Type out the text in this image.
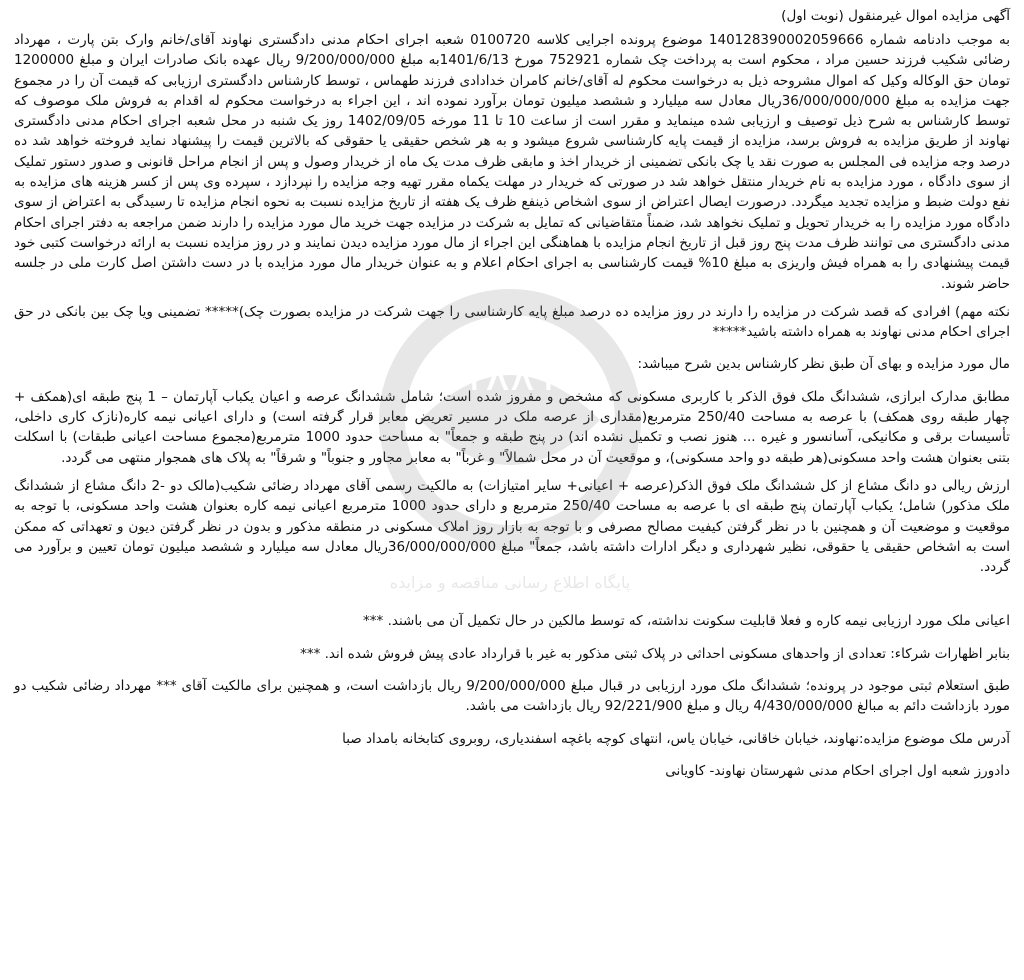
۱۸۸۱
پایگاه اطلاع رسانی مناقصه و مزایده
آگهی مزایده اموال غیرمنقول (نوبت اول)

به موجب دادنامه شماره 140128390002059666 موضوع پرونده اجرایی کلاسه 0100720 شعبه اجرای احکام مدنی دادگستری نهاوند آقای/خانم وارک بتن پارت ، مهرداد رضائی شکیب فرزند حسین مراد ، محکوم است به پرداخت چک شماره 752921 مورخ 1401/6/13به مبلغ 9/200/000/000 ریال عهده بانک صادرات ایران و مبلغ 1200000 تومان حق الوکاله وکیل که اموال مشروحه ذیل به درخواست محکوم له آقای/خانم کامران خدادادی فرزند طهماس ، توسط کارشناس دادگستری ارزیابی که قیمت آن را در مجموع جهت مزایده به مبلغ 36/000/000/000ریال معادل سه میلیارد و ششصد میلیون تومان برآورد نموده اند ، این اجراء به درخواست محکوم له اقدام به فروش ملک موصوف که توسط کارشناس به شرح ذیل توصیف و ارزیابی شده مینماید و مقرر است از ساعت 10 تا 11 مورخه 1402/09/05 روز یک شنبه در محل شعبه اجرای احکام مدنی دادگستری نهاوند از طریق مزایده به فروش برسد، مزایده از قیمت پایه کارشناسی شروع میشود و به هر شخص حقیقی یا حقوقی که بالاترین قیمت را پیشنهاد نماید فروخته خواهد شد ده درصد وجه مزایده فی المجلس به صورت نقد یا چک بانکی تضمینی از خریدار اخذ و مابقی ظرف مدت یک ماه از خریدار وصول و پس از انجام مراحل قانونی و صدور دستور تملیک از سوی دادگاه ، مورد مزایده به نام خریدار منتقل خواهد شد در صورتی که خریدار در مهلت یکماه مقرر تهیه وجه مزایده را نپردازد ، سپرده وی پس از کسر هزینه های مزایده به نفع دولت ضبط و مزایده تجدید میگردد. درصورت ایصال اعتراض از سوی اشخاص ذینفع ظرف یک هفته از تاریخ مزایده نسبت به نحوه انجام مزایده تا رسیدگی به اعتراض از سوی دادگاه مورد مزایده را به خریدار تحویل و تملیک نخواهد شد، ضمناً متقاضیانی که تمایل به شرکت در مزایده جهت خرید مال مورد مزایده را دارند ضمن مراجعه به دفتر اجرای احکام مدنی دادگستری می توانند ظرف مدت پنج روز قبل از تاریخ انجام مزایده با هماهنگی این اجراء از مال مورد مزایده دیدن نمایند و در روز مزایده نسبت به ارائه درخواست کتبی خود قیمت پیشنهادی را به همراه فیش واریزی به مبلغ 10% قیمت کارشناسی به اجرای احکام اعلام و به عنوان خریدار مال مورد مزایده با در دست داشتن اصل کارت ملی در جلسه حاضر شوند.

نکته مهم) افرادی که قصد شرکت در مزایده را دارند در روز مزایده ده درصد مبلغ پایه کارشناسی را جهت شرکت در مزایده بصورت چک)***** تضمینی ویا چک بین بانکی در حق اجرای احکام مدنی نهاوند به همراه داشته باشید*****

مال مورد مزایده و بهای آن طبق نظر کارشناس بدین شرح میباشد:

مطابق مدارک ابرازی، ششدانگ ملک فوق الذکر با کاربری مسکونی که مشخص و مفروز شده است؛ شامل ششدانگ عرصه و اعیان یکباب آپارتمان – 1 پنج طبقه ای(همکف + چهار طبقه روی همکف) با عرصه به مساحت 250/40 مترمربع(مقداری از عرصه ملک در مسیر تعریض معابر قرار گرفته است) و دارای اعیانی نیمه کاره(نازک کاری داخلی، تأسیسات برقی و مکانیکی، آسانسور و غیره ... هنوز نصب و تکمیل نشده اند) در پنج طبقه و جمعاً" به مساحت حدود 1000 مترمربع(مجموع مساحت اعیانی طبقات) با اسکلت بتنی بعنوان هشت واحد مسکونی(هر طبقه دو واحد مسکونی)، و موقعیت آن در محل شمالاً" و غرباً" به معابر مجاور و جنوباً" و شرقاً" به پلاک های همجوار منتهی می گردد.

ارزش ریالی دو دانگ مشاع از کل ششدانگ ملک فوق الذکر(عرصه + اعیانی+ سایر امتیازات) به مالکیت رسمی آقای مهرداد رضائی شکیب(مالک دو -2 دانگ مشاع از ششدانگ ملک مذکور) شامل؛ یکباب آپارتمان پنج طبقه ای با عرصه به مساحت 250/40 مترمربع و دارای حدود 1000 مترمربع اعیانی نیمه کاره بعنوان هشت واحد مسکونی، با توجه به موقعیت و موضعیت آن و همچنین با در نظر گرفتن کیفیت مصالح مصرفی و با توجه به بازار روز املاک مسکونی در منطقه مذکور و بدون در نظر گرفتن دیون و تعهداتی که ممکن است به اشخاص حقیقی یا حقوقی، نظیر شهرداری و دیگر ادارات داشته باشد، جمعاً" مبلغ 36/000/000/000ریال معادل سه میلیارد و ششصد میلیون تومان تعیین و برآورد می گردد.

اعیانی ملک مورد ارزیابی نیمه کاره و فعلا قابلیت سکونت نداشته، که توسط مالکین در حال تکمیل آن می باشند. ***

بنابر اظهارات شرکاء: تعدادی از واحدهای مسکونی احداثی در پلاک ثبتی مذکور به غیر با قرارداد عادی پیش فروش شده اند. ***

طبق استعلام ثبتی موجود در پرونده؛ ششدانگ ملک مورد ارزیابی در قبال مبلغ 9/200/000/000 ریال بازداشت است، و همچنین برای مالکیت آقای *** مهرداد رضائی شکیب دو مورد بازداشت دائم به مبالغ 4/430/000/000 ریال و مبلغ 92/221/900 ریال بازداشت می باشد.

آدرس ملک موضوع مزایده:نهاوند، خیابان خاقانی، خیابان یاس، انتهای کوچه باغچه اسفندیاری، روبروی کتابخانه بامداد صبا

دادورز شعبه اول اجرای احکام مدنی شهرستان نهاوند- کاویانی
